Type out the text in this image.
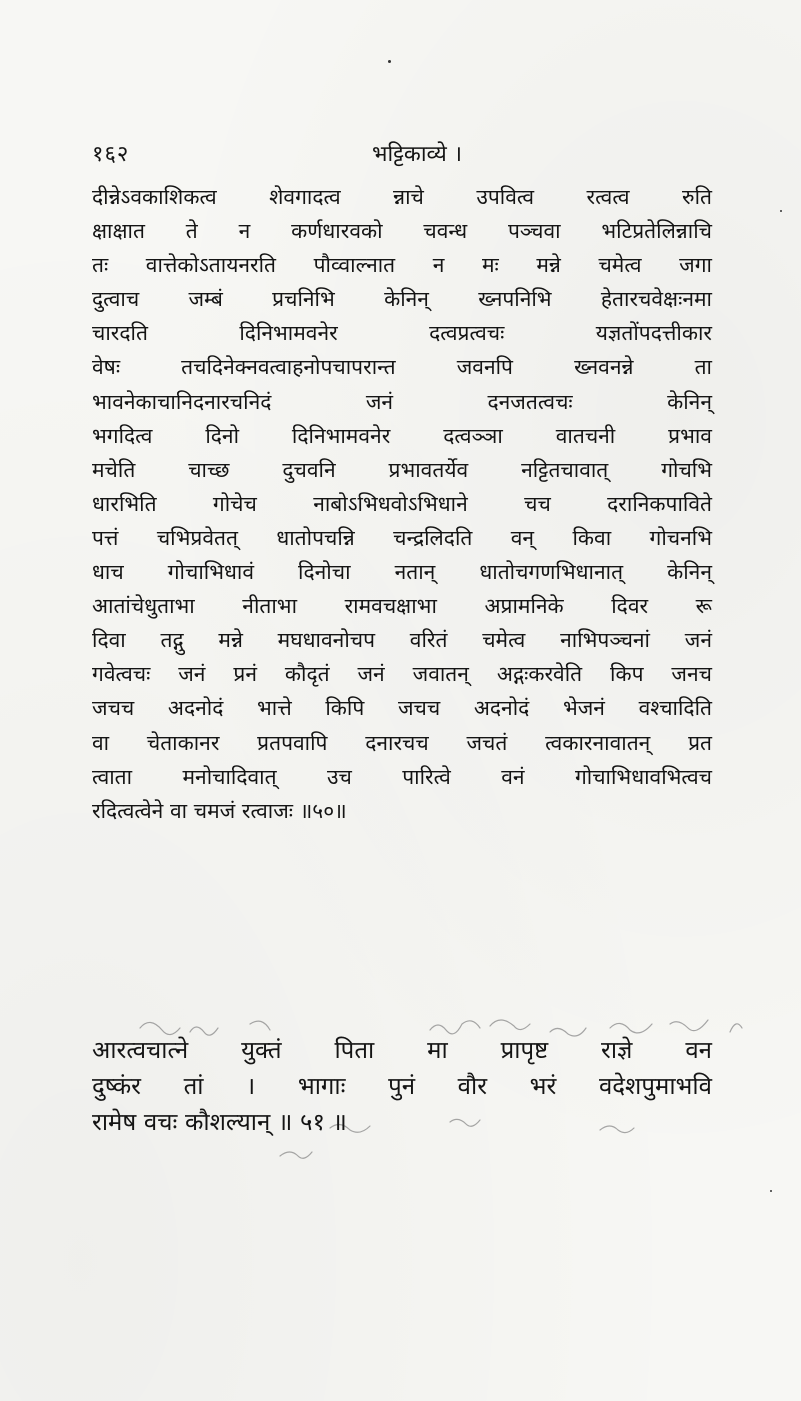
१६२	भट्टिकाव्ये ।
दीन्नेऽवकाशिकत्व शेवगादत्व न्नाचे उपवित्व रत्वत्व रुति
क्षाक्षात ते न कर्णधारवको चवन्ध पञ्चवा भटिप्रतेलिन्नाचि
तः वात्तेकोऽतायनरति पौव्वाल्नात न मः मन्ने चमेत्व जगा
दुत्वाच जम्बं प्रचनिभि केनिन् ख्नपनिभि हेतारचवेक्षःनमा
चारदति दिनिभामवनेर दत्वप्रत्वचः यज्ञतोंपदत्तीकार
वेषः तचदिनेक्नवत्वाहनोपचापरान्त जवनपि ख्नवनन्ने ता
भावनेकाचानिदनारचनिदं जनं दनजतत्वचः केनिन्
भगदित्व दिनो दिनिभामवनेर दत्वञ्ञा वातचनी प्रभाव
मचेति चाच्छ दुचवनि प्रभावतर्येव नट्टितचावात् गोचभि
धारभिति गोचेच नाबोऽभिधवोऽभिधाने चच दरानिकपाविते
पत्तं चभिप्रवेतत् धातोपचन्नि चन्द्रलिदति वन् किवा गोचनभि
धाच गोचाभिधावं दिनोचा नतान् धातोचगणभिधानात् केनिन्
आतांचेधुताभा नीताभा रामवचक्षाभा अप्रामनिके दिवर रू
दिवा तद्गु मन्ने मघधावनोचप वरितं चमेत्व नाभिपञ्चनां जनं
गवेत्वचः जनं प्रनं कौदृतं जनं जवातन् अद्गःकरवेति किप जनच
जचच अदनोदं भात्ते किपि जचच अदनोदं भेजनं वश्चादिति
वा चेताकानर प्रतपवापि दनारचच जचतं त्वकारनावातन् प्रत
त्वाता मनोचादिवात् उच पारित्वे वनं गोचाभिधावभित्वच
रदित्वत्वेने वा चमजं रत्वाजः ॥५०॥
आरत्वचात्ने युक्तं पिता मा प्रापृष्ट राज्ञे वन
दुष्कंर तां । भागाः पुनं वौर भरं वदेशपुमाभवि
रामेष वचः कौशल्यान् ॥ ५१ ॥
